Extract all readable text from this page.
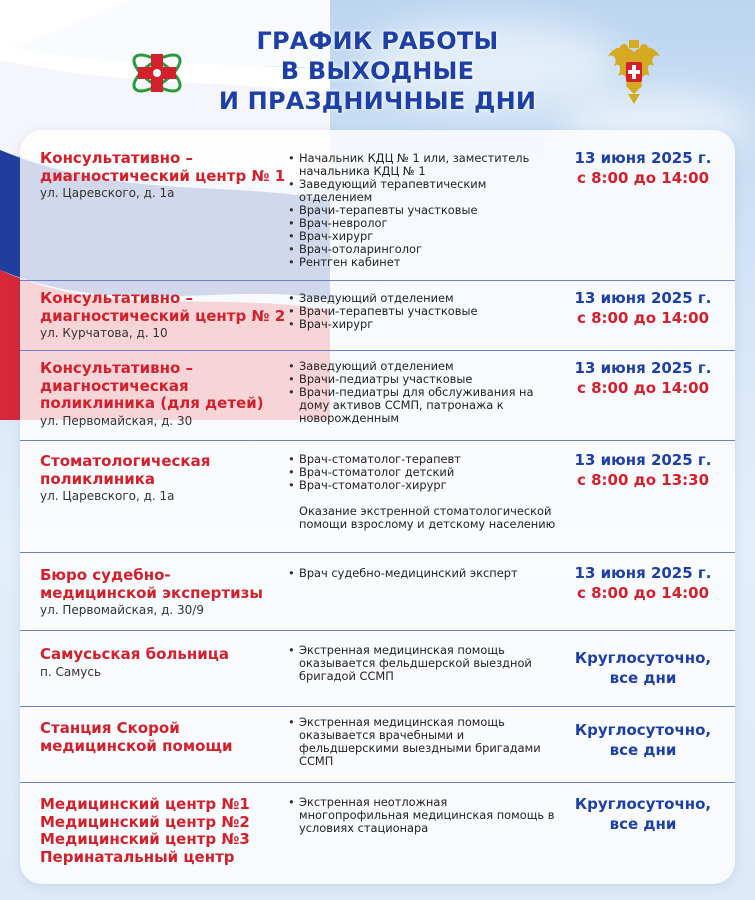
ГРАФИК РАБОТЫ
В ВЫХОДНЫЕ
И ПРАЗДНИЧНЫЕ ДНИ
Консультативно –
диагностический центр № 1
ул. Царевского, д. 1а
• Начальник КДЦ № 1 или, заместитель начальника КДЦ № 1
• Заведующий терапевтическим отделением
• Врачи-терапевты участковые
• Врач-невролог
• Врач-хирург
• Врач-отоларинголог
• Рентген кабинет
13 июня 2025 г.
с 8:00 до 14:00
Консультативно –
диагностический центр № 2
ул. Курчатова, д. 10
• Заведующий отделением
• Врачи-терапевты участковые
• Врач-хирург
13 июня 2025 г.
с 8:00 до 14:00
Консультативно –
диагностическая
поликлиника (для детей)
ул. Первомайская, д. 30
• Заведующий отделением
• Врачи-педиатры участковые
• Врачи-педиатры для обслуживания на дому активов ССМП, патронажа к новорожденным
13 июня 2025 г.
с 8:00 до 14:00
Стоматологическая
поликлиника
ул. Царевского, д. 1а
• Врач-стоматолог-терапевт
• Врач-стоматолог детский
• Врач-стоматолог-хирург
Оказание экстренной стоматологической помощи взрослому и детскому населению
13 июня 2025 г.
с 8:00 до 13:30
Бюро судебно-
медицинской экспертизы
ул. Первомайская, д. 30/9
• Врач судебно-медицинский эксперт	13 июня 2025 г.
с 8:00 до 14:00
Самусьская больница
п. Самусь
• Экстренная медицинская помощь оказывается фельдшерской выездной бригадой ССМП
Круглосуточно,
все дни
Станция Скорой
медицинской помощи
• Экстренная медицинская помощь оказывается врачебными и фельдшерскими выездными бригадами ССМП
Круглосуточно,
все дни
Медицинский центр №1
Медицинский центр №2
Медицинский центр №3
Перинатальный центр
• Экстренная неотложная многопрофильная медицинская помощь в условиях стационара
Круглосуточно,
все дни
